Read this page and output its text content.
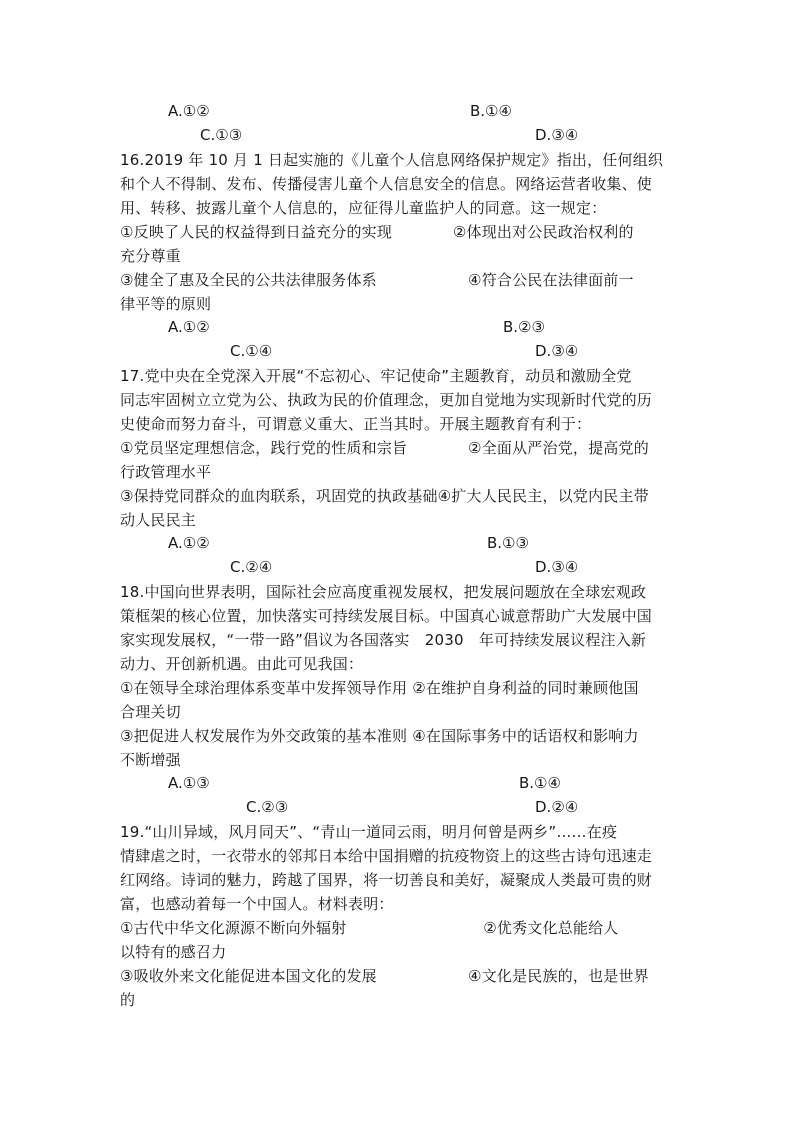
A.①②	B.①④
C.①③	D.③④
16.2019 年 10 月 1 日起实施的《儿童个人信息网络保护规定》指出，任何组织
和个人不得制、发布、传播侵害儿童个人信息安全的信息。网络运营者收集、使
用、转移、披露儿童个人信息的，应征得儿童监护人的同意。这一规定：
①反映了人民的权益得到日益充分的实现　　　　②体现出对公民政治权利的
充分尊重
③健全了惠及全民的公共法律服务体系　　　　　　④符合公民在法律面前一
律平等的原则
A.①②	B.②③
C.①④	D.③④
17.党中央在全党深入开展“不忘初心、牢记使命”主题教育，动员和激励全党
同志牢固树立立党为公、执政为民的价值理念，更加自觉地为实现新时代党的历
史使命而努力奋斗，可谓意义重大、正当其时。开展主题教育有利于：
①党员坚定理想信念，践行党的性质和宗旨　　　　②全面从严治党，提高党的
行政管理水平
③保持党同群众的血肉联系，巩固党的执政基础④扩大人民民主，以党内民主带
动人民民主
A.①②	B.①③
C.②④	D.③④
18.中国向世界表明，国际社会应高度重视发展权，把发展问题放在全球宏观政
策框架的核心位置，加快落实可持续发展目标。中国真心诚意帮助广大发展中国
家实现发展权，“一带一路”倡议为各国落实　2030　年可持续发展议程注入新
动力、开创新机遇。由此可见我国：
①在领导全球治理体系变革中发挥领导作用 ②在维护自身利益的同时兼顾他国
合理关切
③把促进人权发展作为外交政策的基本准则 ④在国际事务中的话语权和影响力
不断增强
A.①③	B.①④
C.②③	D.②④
19.“山川异域，风月同天”、“青山一道同云雨，明月何曾是两乡”……在疫
情肆虐之时，一衣带水的邻邦日本给中国捐赠的抗疫物资上的这些古诗句迅速走
红网络。诗词的魅力，跨越了国界，将一切善良和美好，凝聚成人类最可贵的财
富，也感动着每一个中国人。材料表明：
①古代中华文化源源不断向外辐射　　　　　　　　　②优秀文化总能给人
以特有的感召力
③吸收外来文化能促进本国文化的发展　　　　　　④文化是民族的，也是世界
的
